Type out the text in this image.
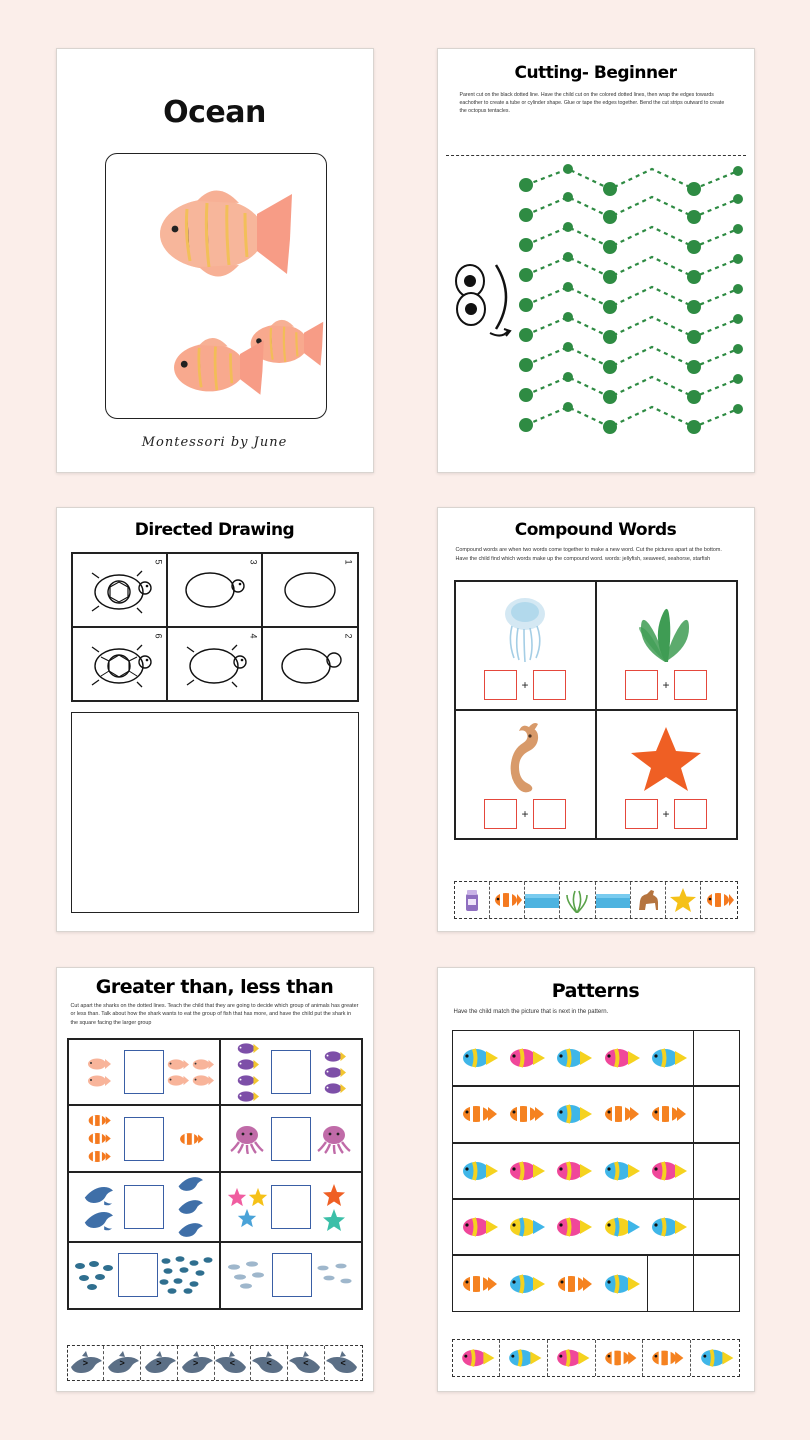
Ocean
Montessori by June
Cutting- Beginner
Parent cut on the black dotted line. Have the child cut on the colored dotted lines, then wrap the edges towards eachother to create a tube or cylinder shape. Glue or tape the edges together. Bend the cut strips outward to create the octopus tentacles.
Directed Drawing
5	3	1
6	4	2
Compound Words
Compound words are when two words come together to make a new word. Cut the pictures apart at the bottom. Have the child find which words make up the compound word. words: jellyfish, seaweed, seahorse, starfish
+	+
+	+
Greater than, less than
Cut apart the sharks on the dotted lines. Teach the child that they are going to decide which group of animals has greater or less than. Talk about how the shark wants to eat the group of fish that has more, and have the child put the shark in the square facing the larger group
>	>	>	>	<	<	<	<
Patterns
Have the child match the picture that is next in the pattern.
